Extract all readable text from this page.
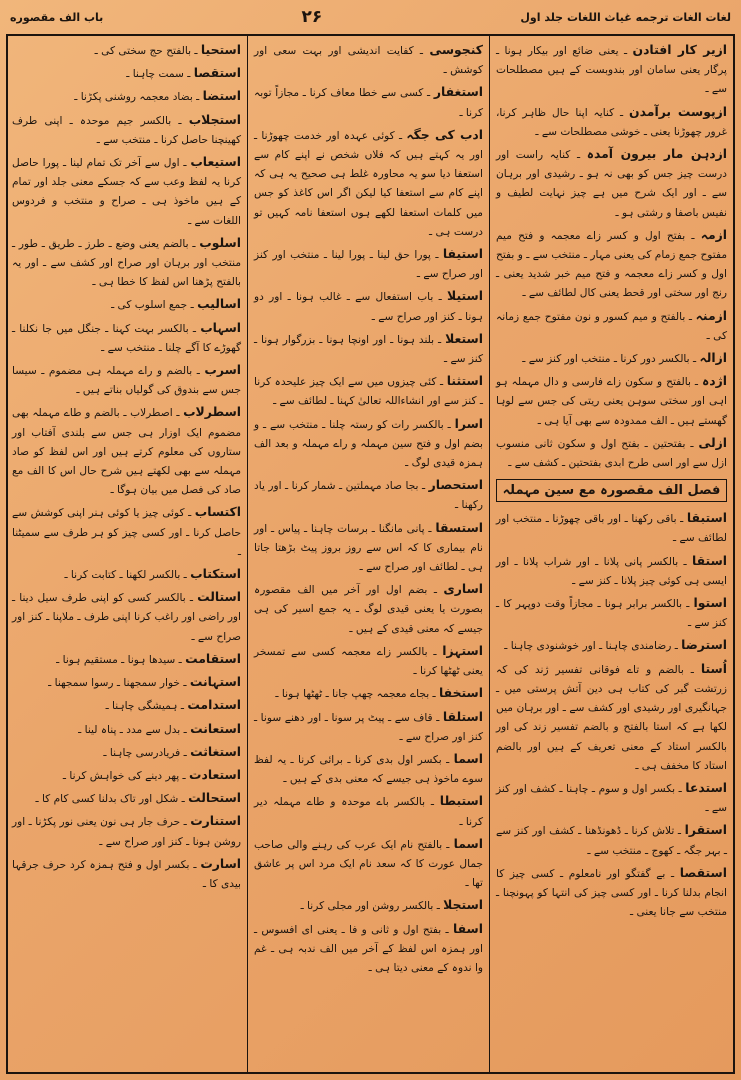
لغات الغات ترجمه غیاث اللغات جلد اول
۲۶
باب الف مقصوره

ازیر کار افتادن ـ یعنی ضائع اور بیکار ہونا ـ پرگار یعنی سامان اور بندوبست کے ہیں مصطلحات سے ـ

ازپوست برآمدن ـ کنایہ اپنا حال ظاہر کرنا، غرور چھوڑنا یعنی ـ خوشی مصطلحات سے ـ

ازدہن مار بیرون آمدہ ـ کنایہ راست اور درست چیز جس کو بھی نہ ہو ـ رشیدی اور برہان سے ـ اور ایک شرح میں ہے چیز نہایت لطیف و نفیس باصفا و رشتی ہو ـ

ازمہ ـ بفتح اول و کسر زاے معجمہ و فتح میم مفتوح جمع زمام کی یعنی مہار ـ منتخب سے ـ و بفتح اول و کسر زاے معجمہ و فتح میم خبر شدید یعنی ـ رنج اور سختی اور قحط یعنی کال لطائف سے ـ

ازمنہ ـ بالفتح و میم کسور و نون مفتوح جمع زمانہ کی ـ

ازالہ ـ بالکسر دور کرنا ـ منتخب اور کنز سے ـ

اژدہ ـ بالفتح و سکون زاے فارسی و دال مہملہ ہو اہی اور سختی سوہن یعنی ریتی کی جس سے لوہا گھستے ہیں ـ الف ممدودہ سے بھی آیا ہی ـ

ازلی ـ بفتحتین ـ بفتح اول و سکون ثانی منسوب ازل سے اور اسی طرح ابدی بفتحتین ـ کشف سے ـ

فصل الف مقصورہ مع سین مہملہ

استبقا ـ باقی رکھنا ـ اور باقی چھوڑنا ـ منتخب اور لطائف سے ـ

استقا ـ بالکسر پانی پلانا ـ اور شراب پلانا ـ اور ایسی ہی کوئی چیز پلانا ـ کنز سے ـ

استوا ـ بالکسر برابر ہونا ـ مجازاً وقت دوپہر کا ـ کنز سے ـ

استرضا ـ رضامندی چاہنا ـ اور خوشنودی چاہنا ـ

اُستا ـ بالضم و تاے فوقانی تفسیر ژند کی کہ زرتشت گبر کی کتاب ہی دین آتش پرستی میں ـ جہانگیری اور رشیدی اور کشف سے ـ اور برہان میں لکھا ہے کہ استا بالفتح و بالضم تفسیر زند کی اور بالکسر استاد کے معنی تعریف کے ہیں اور بالضم استاد کا مخفف ہی ـ

استدعا ـ بکسر اول و سوم ـ چاہنا ـ کشف اور کنز سے ـ

استقرا ـ تلاش کرنا ـ ڈھونڈھنا ـ کشف اور کنز سے ـ بہر جگہ ـ کھوج ـ منتخب سے ـ

استقصا ـ بے گفتگو اور نامعلوم ـ کسی چیز کا انجام بدلنا کرنا ـ اور کسی چیز کی انتہا کو پہونچنا ـ منتخب سے جانا یعنی ـ

کنجوسی ـ کفایت اندیشی اور بہت سعی اور کوشش ـ

استغفار ـ کسی سے خطا معاف کرنا ـ مجازاً توبہ کرنا ـ

ادب کی جگہ ـ کوئی عہدہ اور خدمت چھوڑنا ـ اور یہ کہتے ہیں کہ فلاں شخص نے اپنے کام سے استعفا دیا سو یہ محاورہ غلط ہی صحیح یہ ہی کہ اپنے کام سے استعفا کیا لیکن اگر اس کاغذ کو جس میں کلمات استعفا لکھے ہوں استعفا نامہ کہیں تو درست ہی ـ

استیفا ـ پورا حق لینا ـ پورا لینا ـ منتخب اور کنز اور صراح سے ـ

استیلا ـ باب استفعال سے ـ غالب ہونا ـ اور دو ہونا ـ کنز اور صراح سے ـ

استعلا ـ بلند ہونا ـ اور اونچا ہونا ـ بزرگوار ہونا ـ کنز سے ـ

استثنا ـ کئی چیزوں میں سے ایک چیز علیحدہ کرنا ـ کنز سے اور انشاءاللہ تعالیٰ کہنا ـ لطائف سے ـ

اسرا ـ بالکسر رات کو رستہ چلنا ـ منتخب سے ـ و بضم اول و فتح سین مہملہ و راے مہملہ و بعد الف ہمزہ قیدی لوگ ـ

استحصار ـ بجا صاد مہملتین ـ شمار کرنا ـ اور یاد رکھنا ـ

استسقا ـ پانی مانگنا ـ برسات چاہنا ـ پیاس ـ اور نام بیماری کا کہ اس سے روز بروز پیٹ بڑھتا جاتا ہی ـ لطائف اور صراح سے ـ

اساری ـ بضم اول اور آخر میں الف مقصورہ بصورت یا یعنی قیدی لوگ ـ یہ جمع اسیر کی ہی جیسے کہ معنی قیدی کے ہیں ـ

استہزا ـ بالکسر زاے معجمہ کسی سے تمسخر یعنی ٹھٹھا کرنا ـ

استخفا ـ بجاے معجمہ چھپ جانا ـ ٹھٹھا ہونا ـ

استلقا ـ قاف سے ـ پیٹ پر سونا ـ اور دھنے سونا ـ کنز اور صراح سے ـ

اسما ـ بکسر اول بدی کرنا ـ برائی کرنا ـ یہ لفظ سوے ماخوذ ہی جیسے کہ معنی بدی کے ہیں ـ

استبطا ـ بالکسر باے موحدہ و طاے مہملہ دیر کرنا ـ

اسما ـ بالفتح نام ایک عرب کی رہنے والی صاحب جمال عورت کا کہ سعد نام ایک مرد اس پر عاشق تھا ـ

استجلا ـ بالکسر روشن اور مجلی کرنا ـ

اسفا ـ بفتح اول و ثانی و فا ـ یعنی ای افسوس ـ اور ہمزہ اس لفظ کے آخر میں الف ندبہ ہی ـ غم وا ندوہ کے معنی دیتا ہی ـ

استحیا ـ بالفتح حج سختی کی ـ

استقصا ـ سمت چاہنا ـ

استضا ـ بضاد معجمہ روشنی پکڑنا ـ

استجلاب ـ بالکسر جیم موحدہ ـ اپنی طرف کھینچنا حاصل کرنا ـ منتخب سے ـ

استیعاب ـ اول سے آخر تک تمام لینا ـ پورا حاصل کرنا یہ لفظ وعب سے کہ جسکے معنی جلد اور تمام کے ہیں ماخوذ ہی ـ صراح و منتخب و فردوس اللغات سے ـ

اسلوب ـ بالضم یعنی وضع ـ طرز ـ طریق ـ طور ـ منتخب اور برہان اور صراح اور کشف سے ـ اور یہ بالفتح پڑھنا اس لفظ کا خطا ہی ـ

اسالیب ـ جمع اسلوب کی ـ

اسہاب ـ بالکسر بہت کہنا ـ جنگل میں جا نکلنا ـ گھوڑے کا آگے چلنا ـ منتخب سے ـ

اسرب ـ بالضم و راے مہملہ ہی مضموم ـ سیسا جس سے بندوق کی گولیاں بناتے ہیں ـ

اسطرلاب ـ اصطرلاب ـ بالضم و طاے مہملہ بھی مضموم ایک اوزار ہی جس سے بلندی آفتاب اور ستاروں کی معلوم کرتے ہیں اور اس لفظ کو صاد مہملہ سے بھی لکھتے ہیں شرح حال اس کا الف مع صاد کی فصل میں بیان ہوگا ـ

اکتساب ـ کوئی چیز یا کوئی ہنر اپنی کوشش سے حاصل کرنا ـ اور کسی چیز کو ہر طرف سے سمیٹنا ـ

استکتاب ـ بالکسر لکھنا ـ کتابت کرنا ـ

استالت ـ بالکسر کسی کو اپنی طرف سیل دینا ـ اور راضی اور راغب کرنا اپنی طرف ـ ملاپنا ـ کنز اور صراح سے ـ

استقامت ـ سیدھا ہونا ـ مستقیم ہونا ـ

استہانت ـ خوار سمجھنا ـ رسوا سمجھنا ـ

استدامت ـ ہمیشگی چاہنا ـ

استعانت ـ بدل سے مدد ـ پناہ لینا ـ

استغاثت ـ فریادرسی چاہنا ـ

استعادت ـ پھر دینے کی خواہش کرنا ـ

استحالت ـ شکل اور تاک بدلنا کسی کام کا ـ

استنارت ـ حرف جار ہی نون یعنی نور پکڑنا ـ اور روشن ہونا ـ کنز اور صراح سے ـ

اسارت ـ بکسر اول و فتح ہمزہ کرد حرف جرقہا بیدی کا ـ
